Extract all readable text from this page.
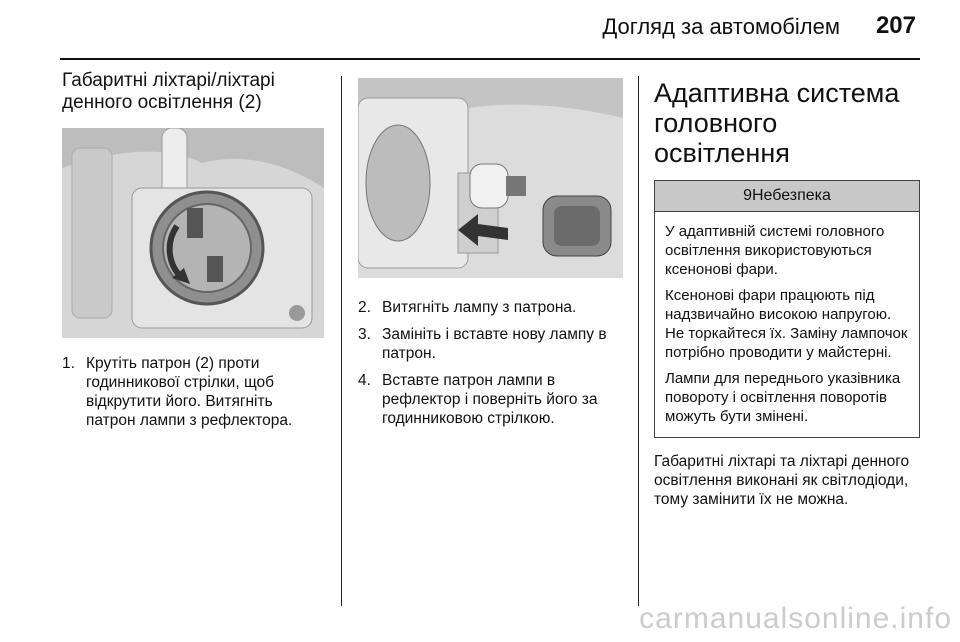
Догляд за автомобілем 207
Габаритні ліхтарі/ліхтарі денного освітлення (2)
1. Крутіть патрон (2) проти годинникової стрілки, щоб відкрутити його. Витягніть патрон лампи з рефлектора.
2. Витягніть лампу з патрона.
3. Замініть і вставте нову лампу в патрон.
4. Вставте патрон лампи в рефлектор і поверніть його за годинниковою стрілкою.
Адаптивна система головного освітлення
9Небезпека

У адаптивній системі головного освітлення використовуються ксенонові фари.

Ксенонові фари працюють під надзвичайно високою напругою. Не торкайтеся їх. Заміну лампочок потрібно проводити у майстерні.

Лампи для переднього указівника повороту і освітлення поворотів можуть бути змінені.

Габаритні ліхтарі та ліхтарі денного освітлення виконані як світлодіоди, тому замінити їх не можна.
carmanualsonline.info
